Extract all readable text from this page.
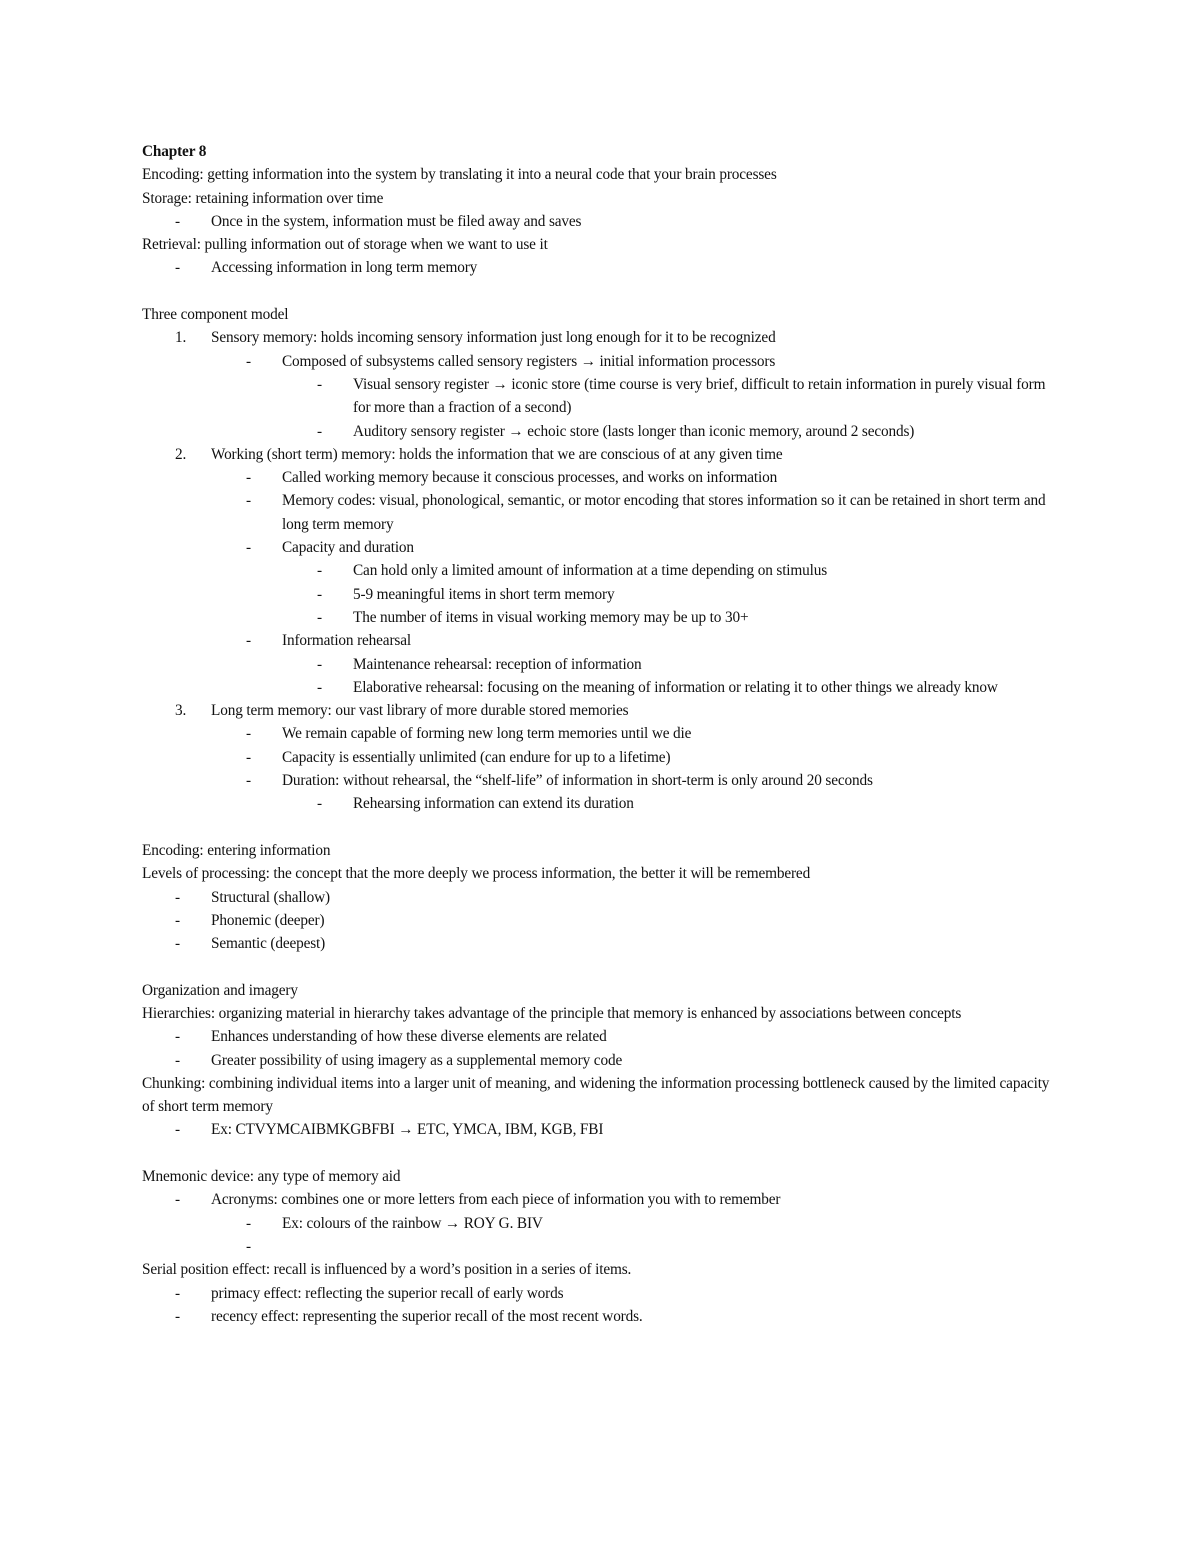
Chapter 8
Encoding: getting information into the system by translating it into a neural code that your brain processes
Storage: retaining information over time
- Once in the system, information must be filed away and saves
Retrieval: pulling information out of storage when we want to use it
- Accessing information in long term memory
Three component model
1. Sensory memory: holds incoming sensory information just long enough for it to be recognized
- Composed of subsystems called sensory registers → initial information processors
- Visual sensory register → iconic store (time course is very brief, difficult to retain information in purely visual form for more than a fraction of a second)
- Auditory sensory register → echoic store (lasts longer than iconic memory, around 2 seconds)
2. Working (short term) memory: holds the information that we are conscious of at any given time
- Called working memory because it conscious processes, and works on information
- Memory codes: visual, phonological, semantic, or motor encoding that stores information so it can be retained in short term and long term memory
- Capacity and duration
- Can hold only a limited amount of information at a time depending on stimulus
- 5-9 meaningful items in short term memory
- The number of items in visual working memory may be up to 30+
- Information rehearsal
- Maintenance rehearsal: reception of information
- Elaborative rehearsal: focusing on the meaning of information or relating it to other things we already know
3. Long term memory: our vast library of more durable stored memories
- We remain capable of forming new long term memories until we die
- Capacity is essentially unlimited (can endure for up to a lifetime)
- Duration: without rehearsal, the “shelf-life” of information in short-term is only around 20 seconds
- Rehearsing information can extend its duration
Encoding: entering information
Levels of processing: the concept that the more deeply we process information, the better it will be remembered
- Structural (shallow)
- Phonemic (deeper)
- Semantic (deepest)
Organization and imagery
Hierarchies: organizing material in hierarchy takes advantage of the principle that memory is enhanced by associations between concepts
- Enhances understanding of how these diverse elements are related
- Greater possibility of using imagery as a supplemental memory code
Chunking: combining individual items into a larger unit of meaning, and widening the information processing bottleneck caused by the limited capacity of short term memory
- Ex: CTVYMCAIBMKGBFBI → ETC, YMCA, IBM, KGB, FBI
Mnemonic device: any type of memory aid
- Acronyms: combines one or more letters from each piece of information you with to remember
- Ex: colours of the rainbow → ROY G. BIV
-
Serial position effect: recall is influenced by a word’s position in a series of items.
- primacy effect: reflecting the superior recall of early words
- recency effect: representing the superior recall of the most recent words.
